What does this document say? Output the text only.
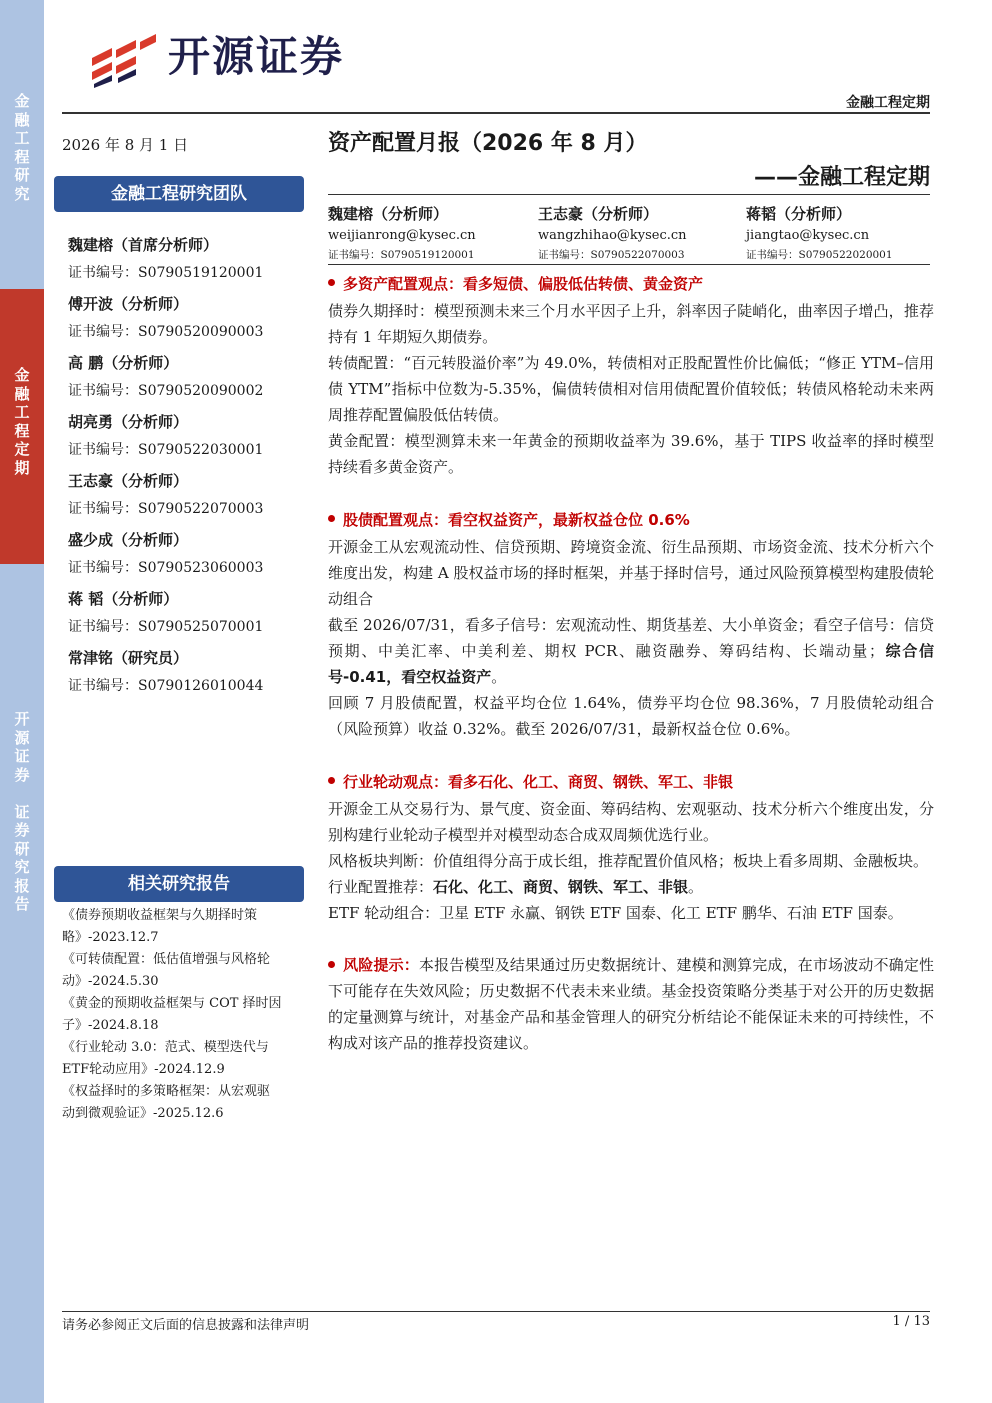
金
融
工
程
研
究
金
融
工
程
定
期
开
源
证
券

证
券
研
究
报
告
开源证券
金融工程定期
2026 年 8 月 1 日	资产配置月报（2026 年 8 月）
——金融工程定期
金融工程研究团队
魏建榕（首席分析师）
证书编号：S0790519120001
傅开波（分析师）
证书编号：S0790520090003
高 鹏（分析师）
证书编号：S0790520090002
胡亮勇（分析师）
证书编号：S0790522030001
王志豪（分析师）
证书编号：S0790522070003
盛少成（分析师）
证书编号：S0790523060003
蒋 韬（分析师）
证书编号：S0790525070001
常津铭（研究员）
证书编号：S0790126010044
相关研究报告
《债券预期收益框架与久期择时策
略》-2023.12.7
《可转债配置：低估值增强与风格轮
动》-2024.5.30
《黄金的预期收益框架与 COT 择时因
子》-2024.8.18
《行业轮动 3.0：范式、模型迭代与
ETF轮动应用》-2024.12.9
《权益择时的多策略框架：从宏观驱
动到微观验证》-2025.12.6
魏建榕（分析师）
weijianrong@kysec.cn
证书编号：S0790519120001
王志豪（分析师）
wangzhihao@kysec.cn
证书编号：S0790522070003
蒋韬（分析师）
jiangtao@kysec.cn
证书编号：S0790522020001
多资产配置观点：看多短债、偏股低估转债、黄金资产

债券久期择时：模型预测未来三个月水平因子上升，斜率因子陡峭化，曲率因子增凸，推荐持有 1 年期短久期债券。

转债配置：“百元转股溢价率”为 49.0%，转债相对正股配置性价比偏低；“修正 YTM–信用债 YTM”指标中位数为-5.35%，偏债转债相对信用债配置价值较低；转债风格轮动未来两周推荐配置偏股低估转债。

黄金配置：模型测算未来一年黄金的预期收益率为 39.6%，基于 TIPS 收益率的择时模型持续看多黄金资产。

股债配置观点：看空权益资产，最新权益仓位 0.6%

开源金工从宏观流动性、信贷预期、跨境资金流、衍生品预期、市场资金流、技术分析六个维度出发，构建 A 股权益市场的择时框架，并基于择时信号，通过风险预算模型构建股债轮动组合

截至 2026/07/31，看多子信号：宏观流动性、期货基差、大小单资金；看空子信号：信贷预期、中美汇率、中美利差、期权 PCR、融资融券、筹码结构、长端动量；综合信号-0.41，看空权益资产。

回顾 7 月股债配置，权益平均仓位 1.64%，债券平均仓位 98.36%，7 月股债轮动组合（风险预算）收益 0.32%。截至 2026/07/31，最新权益仓位 0.6%。

行业轮动观点：看多石化、化工、商贸、钢铁、军工、非银

开源金工从交易行为、景气度、资金面、筹码结构、宏观驱动、技术分析六个维度出发，分别构建行业轮动子模型并对模型动态合成双周频优选行业。

风格板块判断：价值组得分高于成长组，推荐配置价值风格；板块上看多周期、金融板块。

行业配置推荐：石化、化工、商贸、钢铁、军工、非银。

ETF 轮动组合：卫星 ETF 永赢、钢铁 ETF 国泰、化工 ETF 鹏华、石油 ETF 国泰。

风险提示：本报告模型及结果通过历史数据统计、建模和测算完成，在市场波动不确定性下可能存在失效风险；历史数据不代表未来业绩。基金投资策略分类基于对公开的历史数据的定量测算与统计，对基金产品和基金管理人的研究分析结论不能保证未来的可持续性，不构成对该产品的推荐投资建议。
请务必参阅正文后面的信息披露和法律声明	1 / 13
